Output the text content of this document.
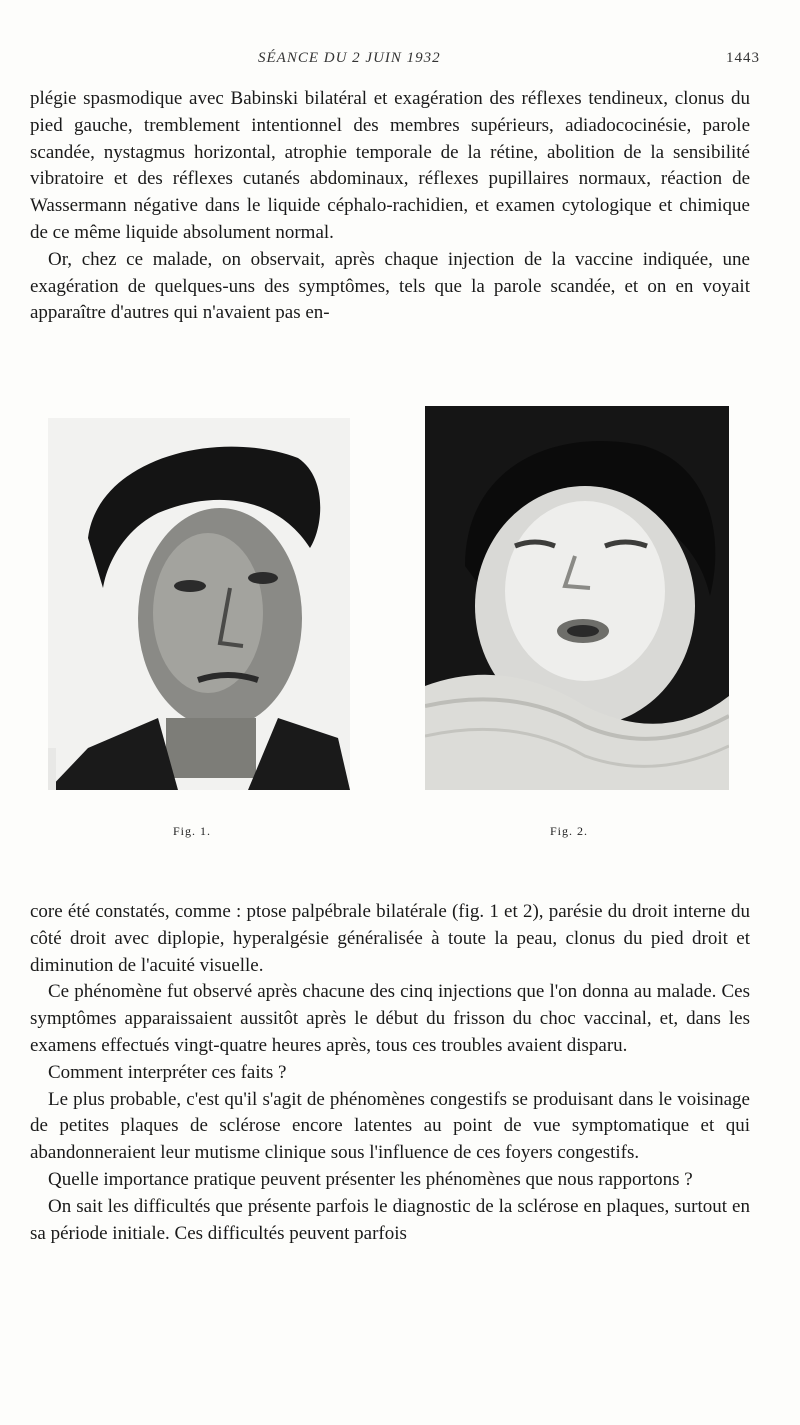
SÉANCE DU 2 JUIN 1932	1443

plégie spasmodique avec Babinski bilatéral et exagération des réflexes tendineux, clonus du pied gauche, tremblement intentionnel des membres supérieurs, adiadococinésie, parole scandée, nystagmus horizontal, atrophie temporale de la rétine, abolition de la sensibilité vibratoire et des réflexes cutanés abdominaux, réflexes pupillaires normaux, réaction de Wassermann négative dans le liquide céphalo-rachidien, et examen cytologique et chimique de ce même liquide absolument normal.

Or, chez ce malade, on observait, après chaque injection de la vaccine indiquée, une exagération de quelques-uns des symptômes, tels que la parole scandée, et on en voyait apparaître d'autres qui n'avaient pas en-

Fig. 1.	Fig. 2.

core été constatés, comme : ptose palpébrale bilatérale (fig. 1 et 2), parésie du droit interne du côté droit avec diplopie, hyperalgésie généralisée à toute la peau, clonus du pied droit et diminution de l'acuité visuelle.

Ce phénomène fut observé après chacune des cinq injections que l'on donna au malade. Ces symptômes apparaissaient aussitôt après le début du frisson du choc vaccinal, et, dans les examens effectués vingt-quatre heures après, tous ces troubles avaient disparu.

Comment interpréter ces faits ?

Le plus probable, c'est qu'il s'agit de phénomènes congestifs se produisant dans le voisinage de petites plaques de sclérose encore latentes au point de vue symptomatique et qui abandonneraient leur mutisme clinique sous l'influence de ces foyers congestifs.

Quelle importance pratique peuvent présenter les phénomènes que nous rapportons ?

On sait les difficultés que présente parfois le diagnostic de la sclérose en plaques, surtout en sa période initiale. Ces difficultés peuvent parfois
